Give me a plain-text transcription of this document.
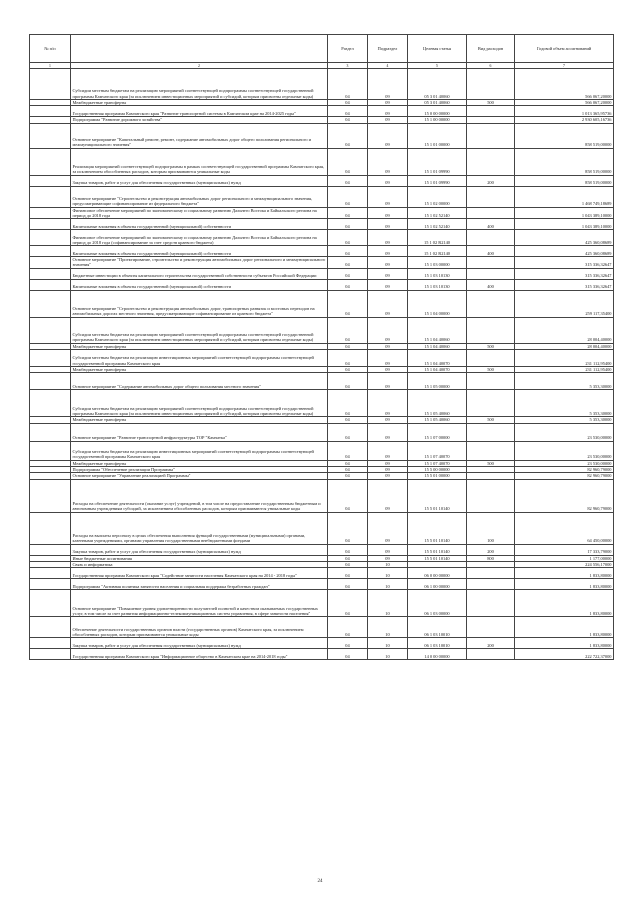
№ п/п		Раздел	Подраздел	Целевая статья	Вид расходов	Годовой объем ассигнований
1	2	3	4	5	6	7
	Субсидии местным бюджетам на реализацию мероприятий соответствующей подпрограммы соответствующей государственной программы Камчатского края (за исключением инвестиционных мероприятий и субсидий, которым присвоены отдельные коды)	04	09	05 3 01 40060		566 067,20000
	Межбюджетные трансферты	04	09	05 3 01 40060	500	566 067,20000
	Государственная программа Камчатского края "Развитие транспортной системы в Камчатском крае на 2014-2025 годы"	04	09	15 0 00 00000		1 013 365,95736
	Подпрограмма "Развитие дорожного хозяйства"	04	09	15 1 00 00000		2 930 605,16736
	Основное мероприятие "Капитальный ремонт, ремонт, содержание автомобильных дорог общего пользования регионального и межмуниципального значения"	04	09	15 1 01 00000		858 519,00000
	Реализация мероприятий соответствующей подпрограммы в рамках соответствующей государственной программы Камчатского края, за исключением обособленных расходов, которым присваиваются уникальные коды	04	09	15 1 01 09990		858 519,00000
	Закупка товаров, работ и услуг для обеспечения государственных (муниципальных) нужд	04	09	15 1 01 09990	200	858 519,00000
	Основное мероприятие "Строительство и реконструкция автомобильных дорог регионального и межмуниципального значения, предусматривающие софинансирование из федерального бюджета"	04	09	15 1 02 00000		1 468 749,18689
	Финансовое обеспечение мероприятий по экономическому и социальному развитию Дальнего Востока и Байкальского региона на период до 2018 года	04	09	15 1 02 52140		1 043 389,10000
	Капитальные вложения в объекты государственной (муниципальной) собственности	04	09	15 1 02 52140	400	1 043 389,10000
	Финансовое обеспечение мероприятий по экономическому и социальному развитию Дальнего Востока и Байкальского региона на период до 2018 года (софинансирование за счет средств краевого бюджета)	04	09	15 1 02 R2140		425 360,08689
	Капитальные вложения в объекты государственной (муниципальной) собственности	04	09	15 1 02 R2140	400	425 360,08689
	Основное мероприятие "Проектирование, строительство и реконструкция автомобильных дорог регионального и межмуниципального значения"	04	09	15 1 03 00000		315 336,32647
	Бюджетные инвестиции в объекты капитального строительства государственной собственности субъектов Российской Федерации	04	09	15 1 03 10130		315 336,32647
	Капитальные вложения в объекты государственной (муниципальной) собственности	04	09	15 1 03 10130	400	315 336,32647
	Основное мероприятие "Строительство и реконструкция автомобильных дорог, транспортных развязок и мостовых переходов на автомобильных дорогах местного значения, предусматривающие софинансирование из краевого бюджета"	04	09	15 1 04 00000		259 117,35400
	Субсидии местным бюджетам на реализацию мероприятий соответствующей подпрограммы соответствующей государственной программы Камчатского края (за исключением инвестиционных мероприятий и субсидий, которым присвоены отдельные коды)	04	09	15 1 04 40060		28 004,40000
	Межбюджетные трансферты	04	09	15 1 04 40060	500	28 004,40000
	Субсидии местным бюджетам на реализацию инвестиционных мероприятий соответствующей подпрограммы соответствующей государственной программы Камчатского края	04	09	15 1 04 40070		231 112,95400
	Межбюджетные трансферты	04	09	15 1 04 40070	500	231 112,95400
	Основное мероприятие "Содержание автомобильных дорог общего пользования местного значения"	04	09	15 1 05 00000		5 353,30000
	Субсидии местным бюджетам на реализацию мероприятий соответствующей подпрограммы соответствующей государственной программы Камчатского края (за исключением инвестиционных мероприятий и субсидий, которым присвоены отдельные коды)	04	09	15 1 05 40060		5 353,30000
	Межбюджетные трансферты	04	09	15 1 05 40060	500	5 353,30000
	Основное мероприятие "Развитие транспортной инфраструктуры ТОР "Камчатка"	04	09	15 1 07 00000		23 530,00000
	Субсидии местным бюджетам на реализацию инвестиционных мероприятий соответствующей подпрограммы соответствующей государственной программы Камчатского края	04	09	15 1 07 40070		23 530,00000
	Межбюджетные трансферты	04	09	15 1 07 40070	500	23 530,00000
	Подпрограмма "Обеспечение реализации Программы"	04	09	15 5 00 00000		82 960,79000
	Основное мероприятие "Управление реализацией Программы"	04	09	15 5 01 00000		82 960,79000
	Расходы на обеспечение деятельности (оказание услуг) учреждений, в том числе на предоставление государственным бюджетным и автономным учреждениям субсидий, за исключением обособленных расходов, которым присваиваются уникальные коды	04	09	15 5 01 10140		82 960,79000
	Расходы на выплаты персоналу в целях обеспечения выполнения функций государственными (муниципальными) органами, казенными учреждениями, органами управления государственными внебюджетными фондами	04	09	15 5 01 10140	100	64 450,00000
	Закупка товаров, работ и услуг для обеспечения государственных (муниципальных) нужд	04	09	15 5 01 10140	200	17 333,79000
	Иные бюджетные ассигнования	04	09	15 5 01 10140	800	1 177,00000
	Связь и информатика	04	10			224 556,17000
	Государственная программа Камчатского края "Содействие занятости населения Камчатского края на 2014 - 2018 годы"	04	10	06 0 00 00000		1 833,80000
	Подпрограмма "Активная политика занятости населения и социальная поддержка безработных граждан"	04	10	06 1 00 00000		1 833,80000
	Основное мероприятие "Повышение уровня удовлетворенности получателей полнотой и качеством оказываемых государственных услуг, в том числе за счет развития информационно-телекоммуникационных систем управления, в сфере занятости населения"	04	10	06 1 03 00000		1 833,80000
	Обеспечение деятельности государственных органов власти (государственных органов) Камчатского края, за исключением обособленных расходов, которым присваиваются уникальные коды	04	10	06 1 03 10010		1 833,80000
	Закупка товаров, работ и услуг для обеспечения государственных (муниципальных) нужд	04	10	06 1 03 10010	200	1 833,80000
	Государственная программа Камчатского края "Информационное общество в Камчатском крае на 2014-2018 годы"	04	10	14 0 00 00000		222 722,37000
24
